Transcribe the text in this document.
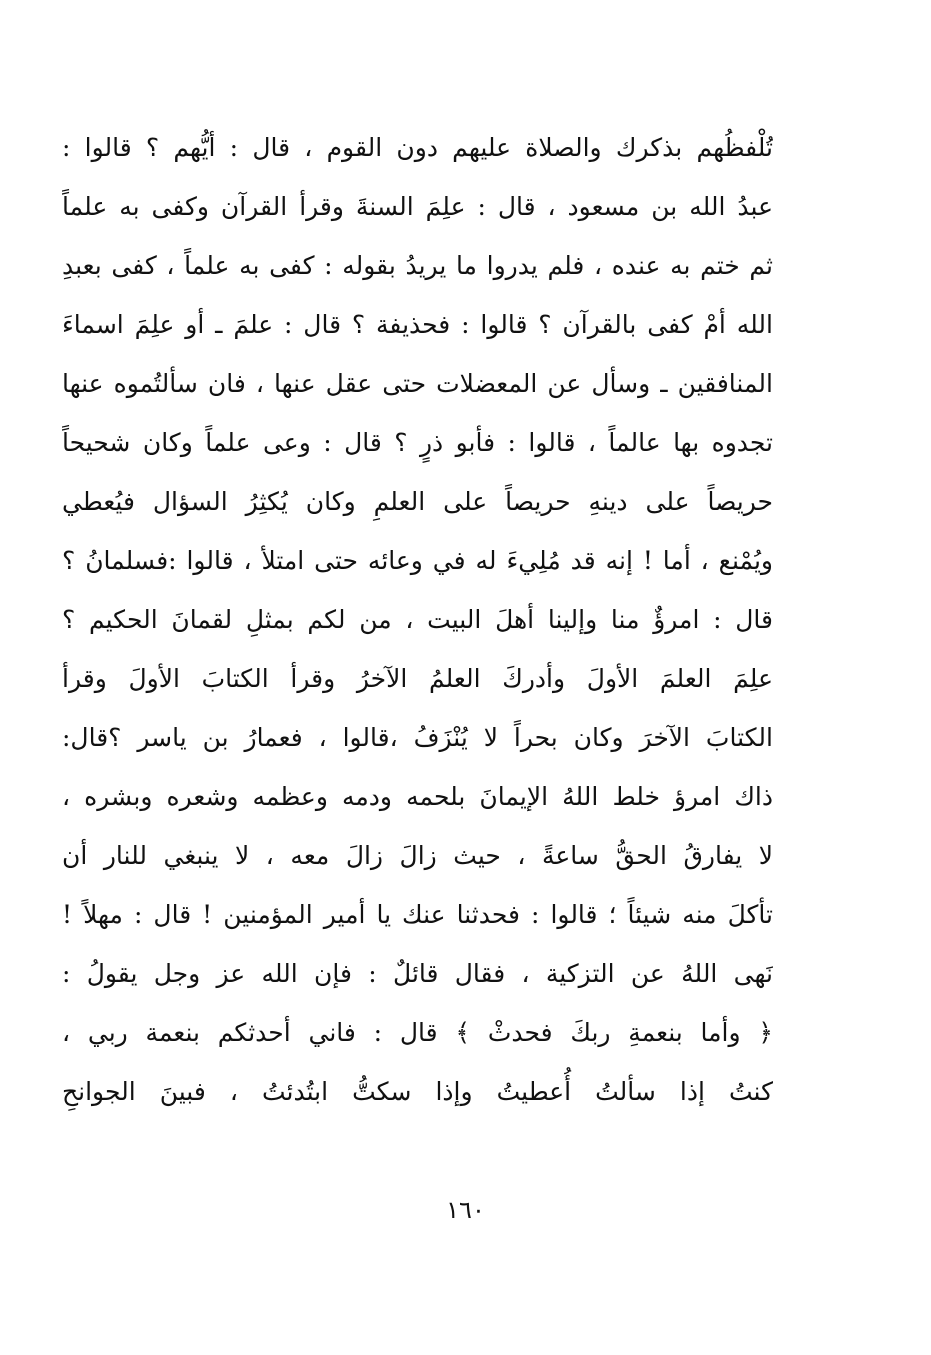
تُلْفظُهم بذكرك والصلاة عليهم دون القوم ، قال : أيُّهم ؟ قالوا :
عبدُ الله بن مسعود ، قال : علِمَ السنةَ وقرأ القرآن وكفى به علماً
ثم ختم به عنده ، فلم يدروا ما يريدُ بقوله : كفى به علماً ، كفى بعبدِ
الله أمْ كفى بالقرآن ؟ قالوا : فحذيفة ؟ قال : علمَ ـ أو علِمَ اسماءَ
المنافقين ـ وسأل عن المعضلات حتى عقل عنها ، فان سألتُموه عنها
تجدوه بها عالماً ، قالوا : فأبو ذرٍ ؟ قال : وعى علماً وكان شحيحاً
حريصاً على دينهِ حريصاً على العلمِ وكان يُكثِرُ السؤال فيُعطي
ويُمْنع ، أما ! إنه قد مُلِيءَ له في وعائه حتى امتلأ ، قالوا :فسلمانُ ؟
قال : امرؤٌ منا وإلينا أهلَ البيت ، من لكم بمثلِ لقمانَ الحكيم ؟
علِمَ العلمَ الأولَ وأدركَ العلمُ الآخرُ وقرأ الكتابَ الأولَ وقرأ
الكتابَ الآخرَ وكان بحراً لا يُنْزَفُ ،قالوا ، فعمارُ بن ياسر ؟قال:
ذاك امرؤ خلط اللهُ الإيمانَ بلحمه ودمه وعظمه وشعره وبشره ،
لا يفارقُ الحقُّ ساعةً ، حيث زالَ زالَ معه ، لا ينبغي للنار أن
تأكلَ منه شيئاً ؛ قالوا : فحدثنا عنك يا أمير المؤمنين ! قال : مهلاً !
نَهى اللهُ عن التزكية ، فقال قائلٌ : فإن الله عز وجل يقولُ :
﴿ وأما بنعمةِ ربكَ فحدثْ ﴾ قال : فاني أحدثكم بنعمة ربي ،
كنتُ إذا سألتُ أُعطيتُ وإذا سكتُّ ابتُدئتُ ، فبينَ الجوانحِ
١٦٠
